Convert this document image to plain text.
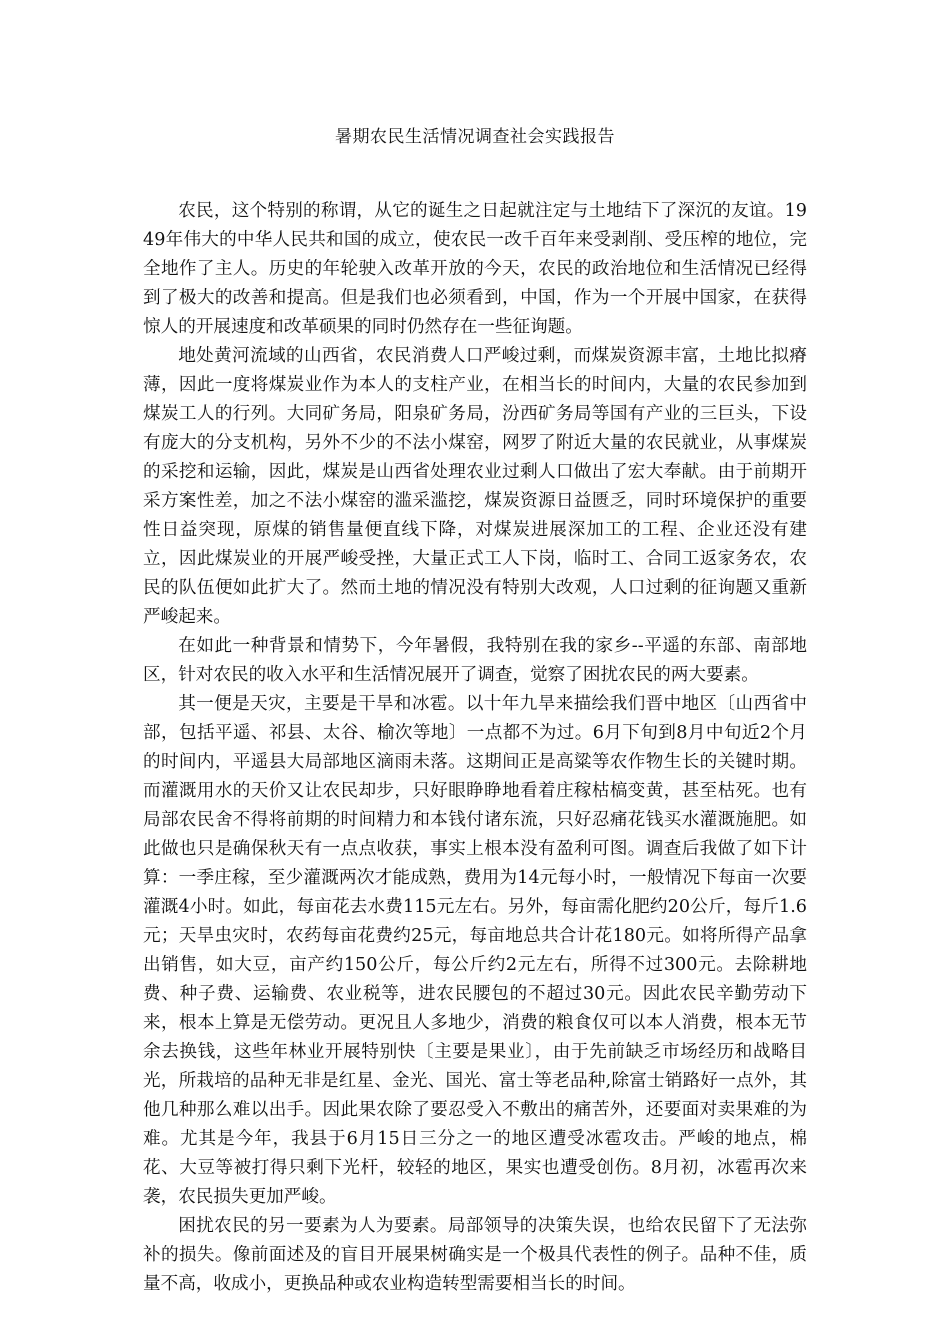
暑期农民生活情况调查社会实践报告

农民，这个特别的称谓，从它的诞生之日起就注定与土地结下了深沉的友谊。1949年伟大的中华人民共和国的成立，使农民一改千百年来受剥削、受压榨的地位，完全地作了主人。历史的年轮驶入改革开放的今天，农民的政治地位和生活情况已经得到了极大的改善和提高。但是我们也必须看到，中国，作为一个开展中国家，在获得惊人的开展速度和改革硕果的同时仍然存在一些征询题。

地处黄河流域的山西省，农民消费人口严峻过剩，而煤炭资源丰富，土地比拟瘠薄，因此一度将煤炭业作为本人的支柱产业，在相当长的时间内，大量的农民参加到煤炭工人的行列。大同矿务局，阳泉矿务局，汾西矿务局等国有产业的三巨头，下设有庞大的分支机构，另外不少的不法小煤窑，网罗了附近大量的农民就业，从事煤炭的采挖和运输，因此，煤炭是山西省处理农业过剩人口做出了宏大奉献。由于前期开采方案性差，加之不法小煤窑的滥采滥挖，煤炭资源日益匮乏，同时环境保护的重要性日益突现，原煤的销售量便直线下降，对煤炭进展深加工的工程、企业还没有建立，因此煤炭业的开展严峻受挫，大量正式工人下岗，临时工、合同工返家务农，农民的队伍便如此扩大了。然而土地的情况没有特别大改观，人口过剩的征询题又重新严峻起来。

在如此一种背景和情势下，今年暑假，我特别在我的家乡--平遥的东部、南部地区，针对农民的收入水平和生活情况展开了调查，觉察了困扰农民的两大要素。

其一便是天灾，主要是干旱和冰雹。以十年九旱来描绘我们晋中地区〔山西省中部，包括平遥、祁县、太谷、榆次等地〕一点都不为过。6月下旬到8月中旬近2个月的时间内，平遥县大局部地区滴雨未落。这期间正是高粱等农作物生长的关键时期。而灌溉用水的天价又让农民却步，只好眼睁睁地看着庄稼枯槁变黄，甚至枯死。也有局部农民舍不得将前期的时间精力和本钱付诸东流，只好忍痛花钱买水灌溉施肥。如此做也只是确保秋天有一点点收获，事实上根本没有盈利可图。调查后我做了如下计算：一季庄稼，至少灌溉两次才能成熟，费用为14元每小时，一般情况下每亩一次要灌溉4小时。如此，每亩花去水费115元左右。另外，每亩需化肥约20公斤，每斤1.6元；天旱虫灾时，农药每亩花费约25元，每亩地总共合计花180元。如将所得产品拿出销售，如大豆，亩产约150公斤，每公斤约2元左右，所得不过300元。去除耕地费、种子费、运输费、农业税等，进农民腰包的不超过30元。因此农民辛勤劳动下来，根本上算是无偿劳动。更况且人多地少，消费的粮食仅可以本人消费，根本无节余去换钱，这些年林业开展特别快〔主要是果业〕，由于先前缺乏市场经历和战略目光，所栽培的品种无非是红星、金光、国光、富士等老品种,除富士销路好一点外，其他几种那么难以出手。因此果农除了要忍受入不敷出的痛苦外，还要面对卖果难的为难。尤其是今年，我县于6月15日三分之一的地区遭受冰雹攻击。严峻的地点，棉花、大豆等被打得只剩下光杆，较轻的地区，果实也遭受创伤。8月初，冰雹再次来袭，农民损失更加严峻。

困扰农民的另一要素为人为要素。局部领导的决策失误，也给农民留下了无法弥补的损失。像前面述及的盲目开展果树确实是一个极具代表性的例子。品种不佳，质量不高，收成小，更换品种或农业构造转型需要相当长的时间。
